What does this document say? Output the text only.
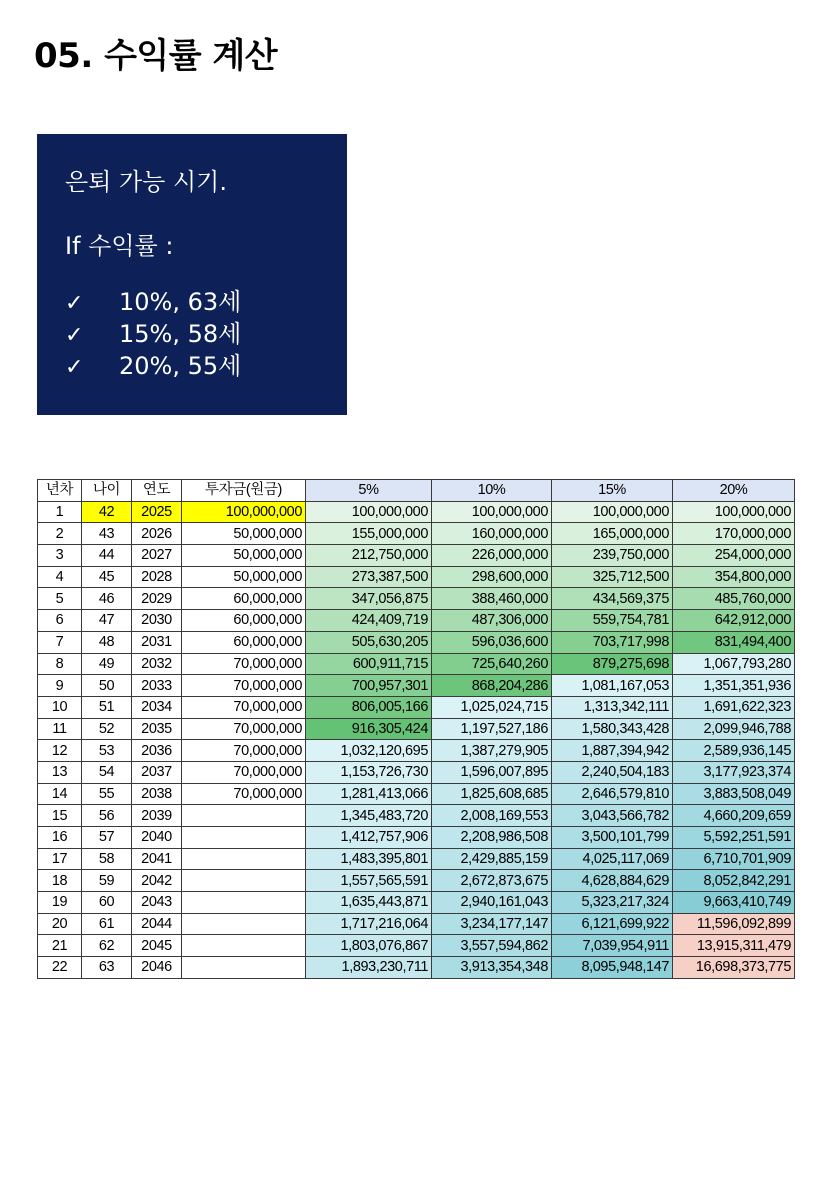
05. 수익률 계산
은퇴 가능 시기.
If 수익률 :
✓ 10%, 63세
✓ 15%, 58세
✓ 20%, 55세
년차	나이	연도	투자금(원금)	5%	10%	15%	20%
1	42	2025	100,000,000	100,000,000	100,000,000	100,000,000	100,000,000
2	43	2026	50,000,000	155,000,000	160,000,000	165,000,000	170,000,000
3	44	2027	50,000,000	212,750,000	226,000,000	239,750,000	254,000,000
4	45	2028	50,000,000	273,387,500	298,600,000	325,712,500	354,800,000
5	46	2029	60,000,000	347,056,875	388,460,000	434,569,375	485,760,000
6	47	2030	60,000,000	424,409,719	487,306,000	559,754,781	642,912,000
7	48	2031	60,000,000	505,630,205	596,036,600	703,717,998	831,494,400
8	49	2032	70,000,000	600,911,715	725,640,260	879,275,698	1,067,793,280
9	50	2033	70,000,000	700,957,301	868,204,286	1,081,167,053	1,351,351,936
10	51	2034	70,000,000	806,005,166	1,025,024,715	1,313,342,111	1,691,622,323
11	52	2035	70,000,000	916,305,424	1,197,527,186	1,580,343,428	2,099,946,788
12	53	2036	70,000,000	1,032,120,695	1,387,279,905	1,887,394,942	2,589,936,145
13	54	2037	70,000,000	1,153,726,730	1,596,007,895	2,240,504,183	3,177,923,374
14	55	2038	70,000,000	1,281,413,066	1,825,608,685	2,646,579,810	3,883,508,049
15	56	2039		1,345,483,720	2,008,169,553	3,043,566,782	4,660,209,659
16	57	2040		1,412,757,906	2,208,986,508	3,500,101,799	5,592,251,591
17	58	2041		1,483,395,801	2,429,885,159	4,025,117,069	6,710,701,909
18	59	2042		1,557,565,591	2,672,873,675	4,628,884,629	8,052,842,291
19	60	2043		1,635,443,871	2,940,161,043	5,323,217,324	9,663,410,749
20	61	2044		1,717,216,064	3,234,177,147	6,121,699,922	11,596,092,899
21	62	2045		1,803,076,867	3,557,594,862	7,039,954,911	13,915,311,479
22	63	2046		1,893,230,711	3,913,354,348	8,095,948,147	16,698,373,775
